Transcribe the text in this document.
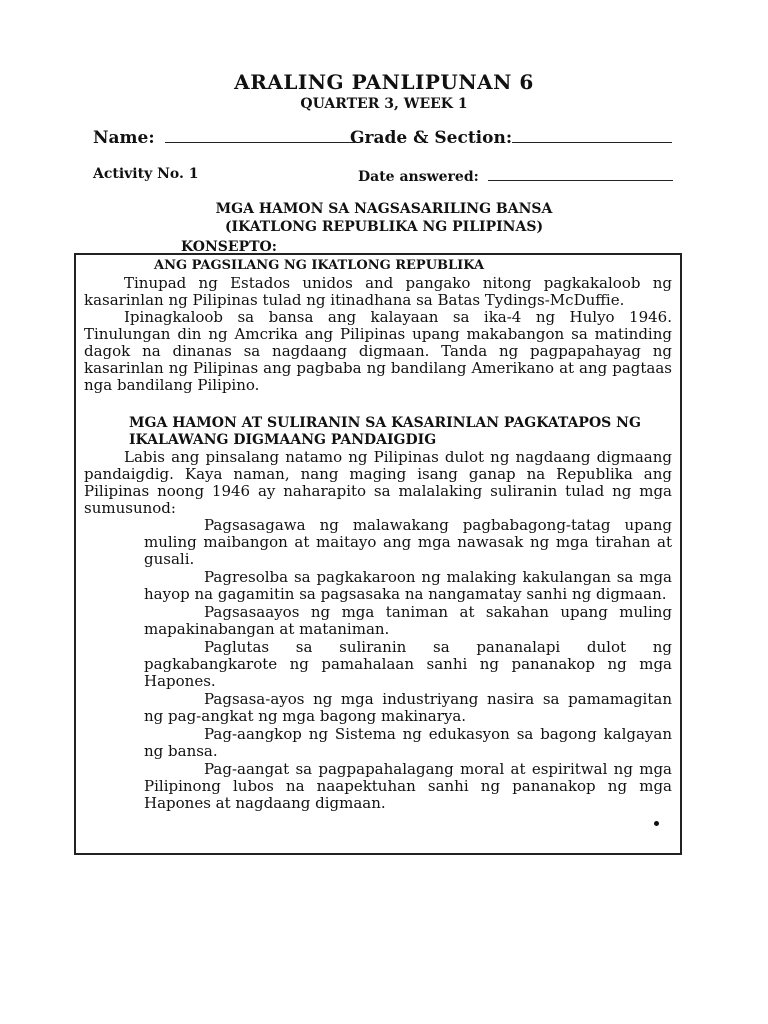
ARALING PANLIPUNAN 6
QUARTER 3, WEEK 1
Name:	Grade & Section:
Activity No. 1	Date answered:
MGA HAMON SA NAGSASARILING BANSA
(IKATLONG REPUBLIKA NG PILIPINAS)
KONSEPTO:
ANG PAGSILANG NG IKATLONG REPUBLIKA

Tinupad ng Estados unidos and pangako nitong pagkakaloob ng kasarinlan ng Pilipinas tulad ng itinadhana sa Batas Tydings-McDuffie.

Ipinagkaloob sa bansa ang kalayaan sa ika-4 ng Hulyo 1946. Tinulungan din ng Amcrika ang Pilipinas upang makabangon sa matinding dagok na dinanas sa nagdaang digmaan. Tanda ng pagpapahayag ng kasarinlan ng Pilipinas ang pagbaba ng bandilang Amerikano at ang pagtaas nga bandilang Pilipino.

MGA HAMON AT SULIRANIN SA KASARINLAN PAGKATAPOS NG
IKALAWANG DIGMAANG PANDAIGDIG

Labis ang pinsalang natamo ng Pilipinas dulot ng nagdaang digmaang pandaigdig. Kaya naman, nang maging isang ganap na Republika ang Pilipinas noong 1946 ay naharapito sa malalaking suliranin tulad ng mga sumusunod:

Pagsasagawa ng malawakang pagbabagong-tatag upang muling maibangon at maitayo ang mga nawasak ng mga tirahan at gusali.

Pagresolba sa pagkakaroon ng malaking kakulangan sa mga hayop na gagamitin sa pagsasaka na nangamatay sanhi ng digmaan.

Pagsasaayos ng mga taniman at sakahan upang muling mapakinabangan at mataniman.

Paglutas sa suliranin sa pananalapi dulot ng pagkabangkarote ng pamahalaan sanhi ng pananakop ng mga Hapones.

Pagsasa-ayos ng mga industriyang nasira sa pamamagitan ng pag-angkat ng mga bagong makinarya.

Pag-aangkop ng Sistema ng edukasyon sa bagong kalgayan ng bansa.

Pag-aangat sa pagpapahalagang moral at espiritwal ng mga Pilipinong lubos na naapektuhan sanhi ng pananakop ng mga Hapones at nagdaang digmaan.
